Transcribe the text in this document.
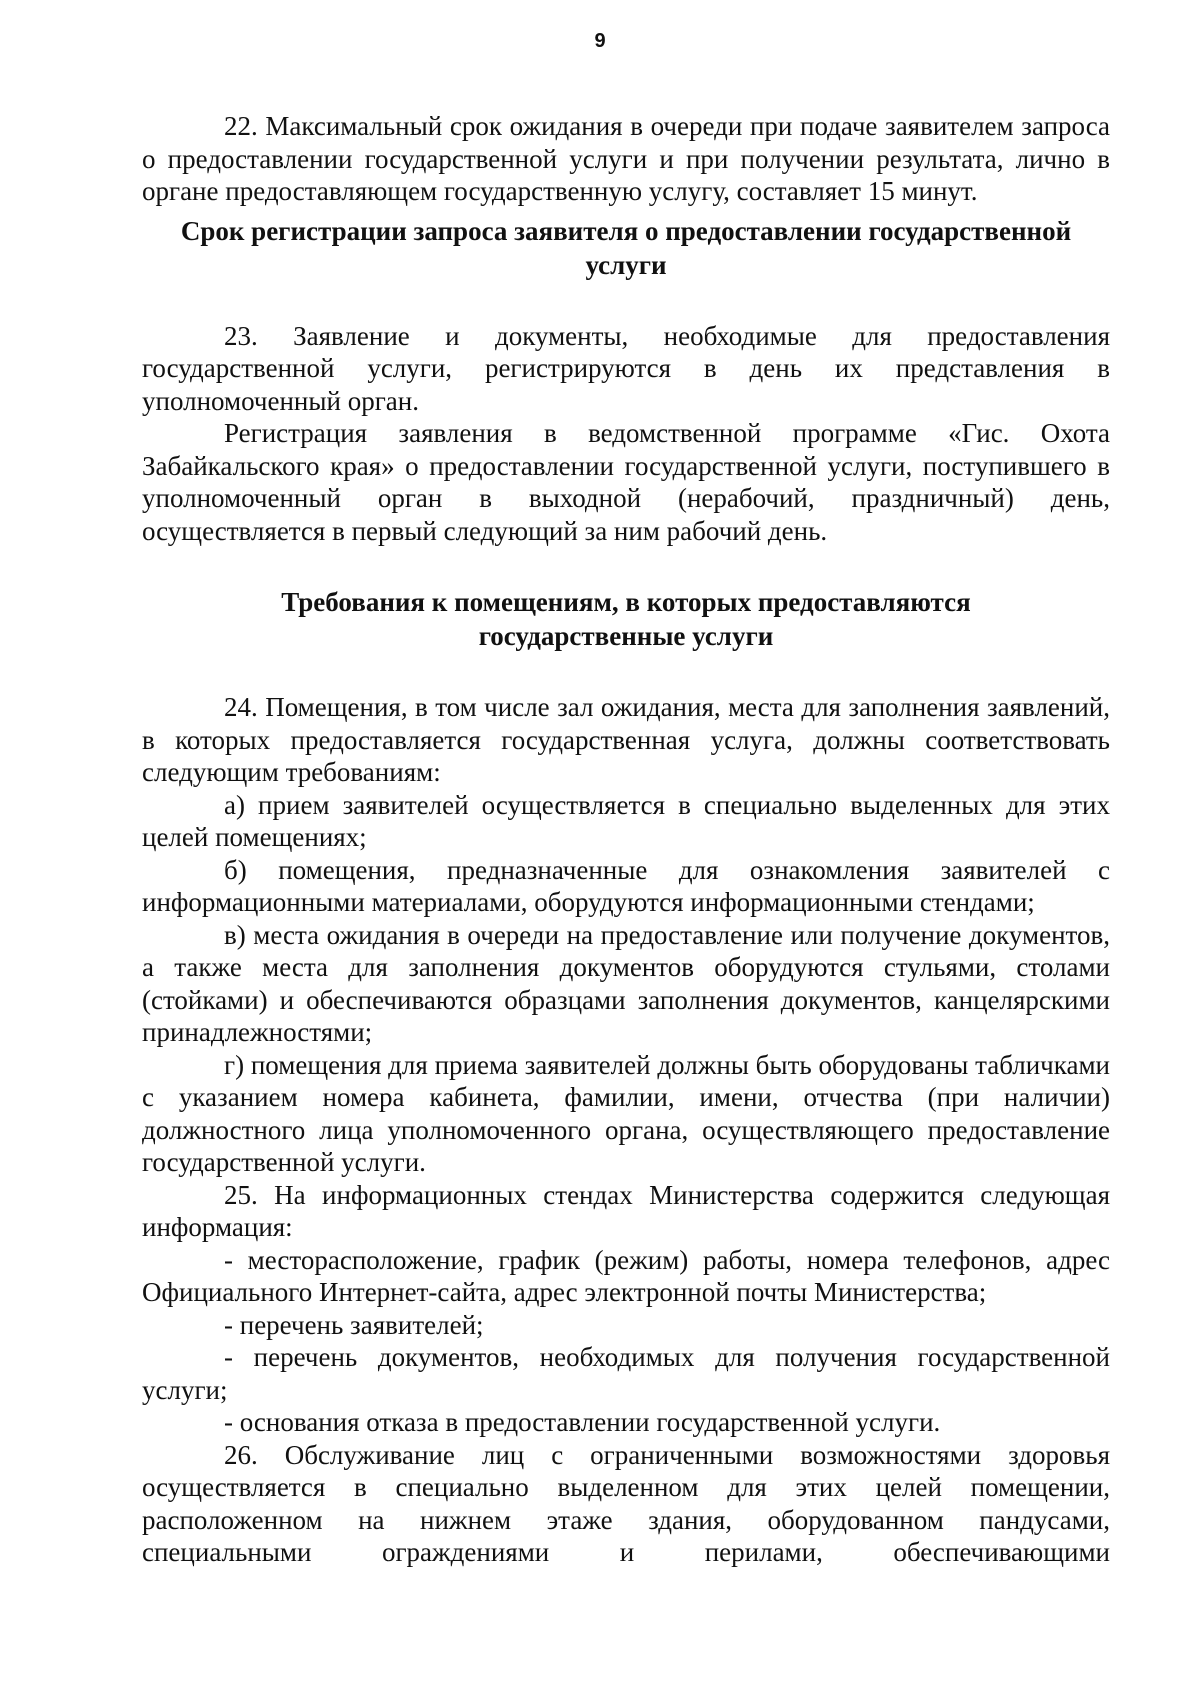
9

22. Максимальный срок ожидания в очереди при подаче заявителем запроса о предоставлении государственной услуги и при получении результата, лично в органе предоставляющем государственную услугу, составляет 15 минут.

Срок регистрации запроса заявителя о предоставлении государственной
услуги

23. Заявление и документы, необходимые для предоставления государственной услуги, регистрируются в день их представления в уполномоченный орган.

Регистрация заявления в ведомственной программе «Гис. Охота Забайкальского края» о предоставлении государственной услуги, поступившего в уполномоченный орган в выходной (нерабочий, праздничный) день, осуществляется в первый следующий за ним рабочий день.

Требования к помещениям, в которых предоставляются
государственные услуги

24. Помещения, в том числе зал ожидания, места для заполнения заявлений, в которых предоставляется государственная услуга, должны соответствовать следующим требованиям:

а) прием заявителей осуществляется в специально выделенных для этих целей помещениях;

б) помещения, предназначенные для ознакомления заявителей с информационными материалами, оборудуются информационными стендами;

в) места ожидания в очереди на предоставление или получение документов, а также места для заполнения документов оборудуются стульями, столами (стойками) и обеспечиваются образцами заполнения документов, канцелярскими принадлежностями;

г) помещения для приема заявителей должны быть оборудованы табличками с указанием номера кабинета, фамилии, имени, отчества (при наличии) должностного лица уполномоченного органа, осуществляющего предоставление государственной услуги.

25. На информационных стендах Министерства содержится следующая информация:

- месторасположение, график (режим) работы, номера телефонов, адрес Официального Интернет-сайта, адрес электронной почты Министерства;

- перечень заявителей;

- перечень документов, необходимых для получения государственной услуги;

- основания отказа в предоставлении государственной услуги.

26. Обслуживание лиц с ограниченными возможностями здоровья осуществляется в специально выделенном для этих целей помещении, расположенном на нижнем этаже здания, оборудованном пандусами, специальными ограждениями и перилами, обеспечивающими
